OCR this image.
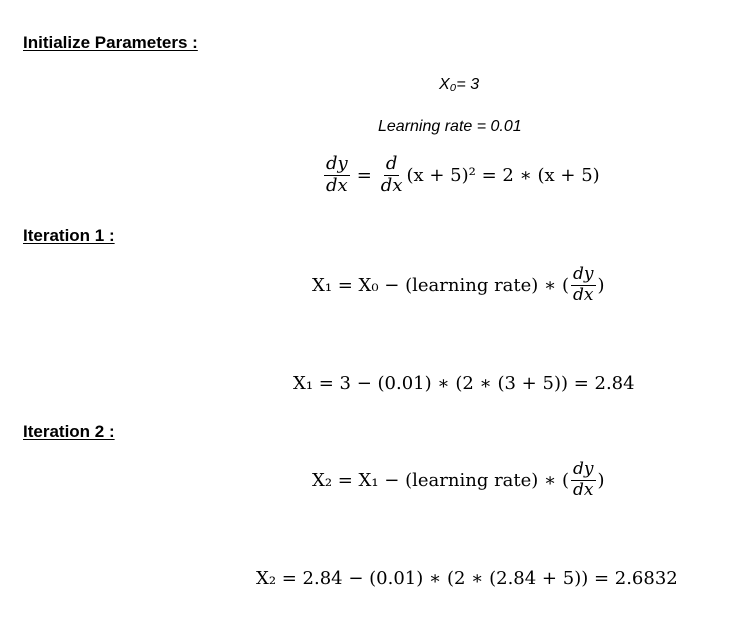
Initialize Parameters :
X₀= 3
Learning rate = 0.01
$\frac{dy}{dx} = \frac{d}{dx} (x + 5)^2 = 2$ ∗ (x + 5)
Iteration 1 :
X₁ = X₀ − (learning rate) ∗ ( $\frac{dy}{dx}$ )
X₁ = 3 − (0.01) ∗ (2 ∗ (3 + 5)) = 2.84
Iteration 2 :
X₂ = X₁ − (learning rate) ∗ ( $\frac{dy}{dx}$ )
X₂ = 2.84 − (0.01) ∗ (2 ∗ (2.84 + 5)) = 2.6832
